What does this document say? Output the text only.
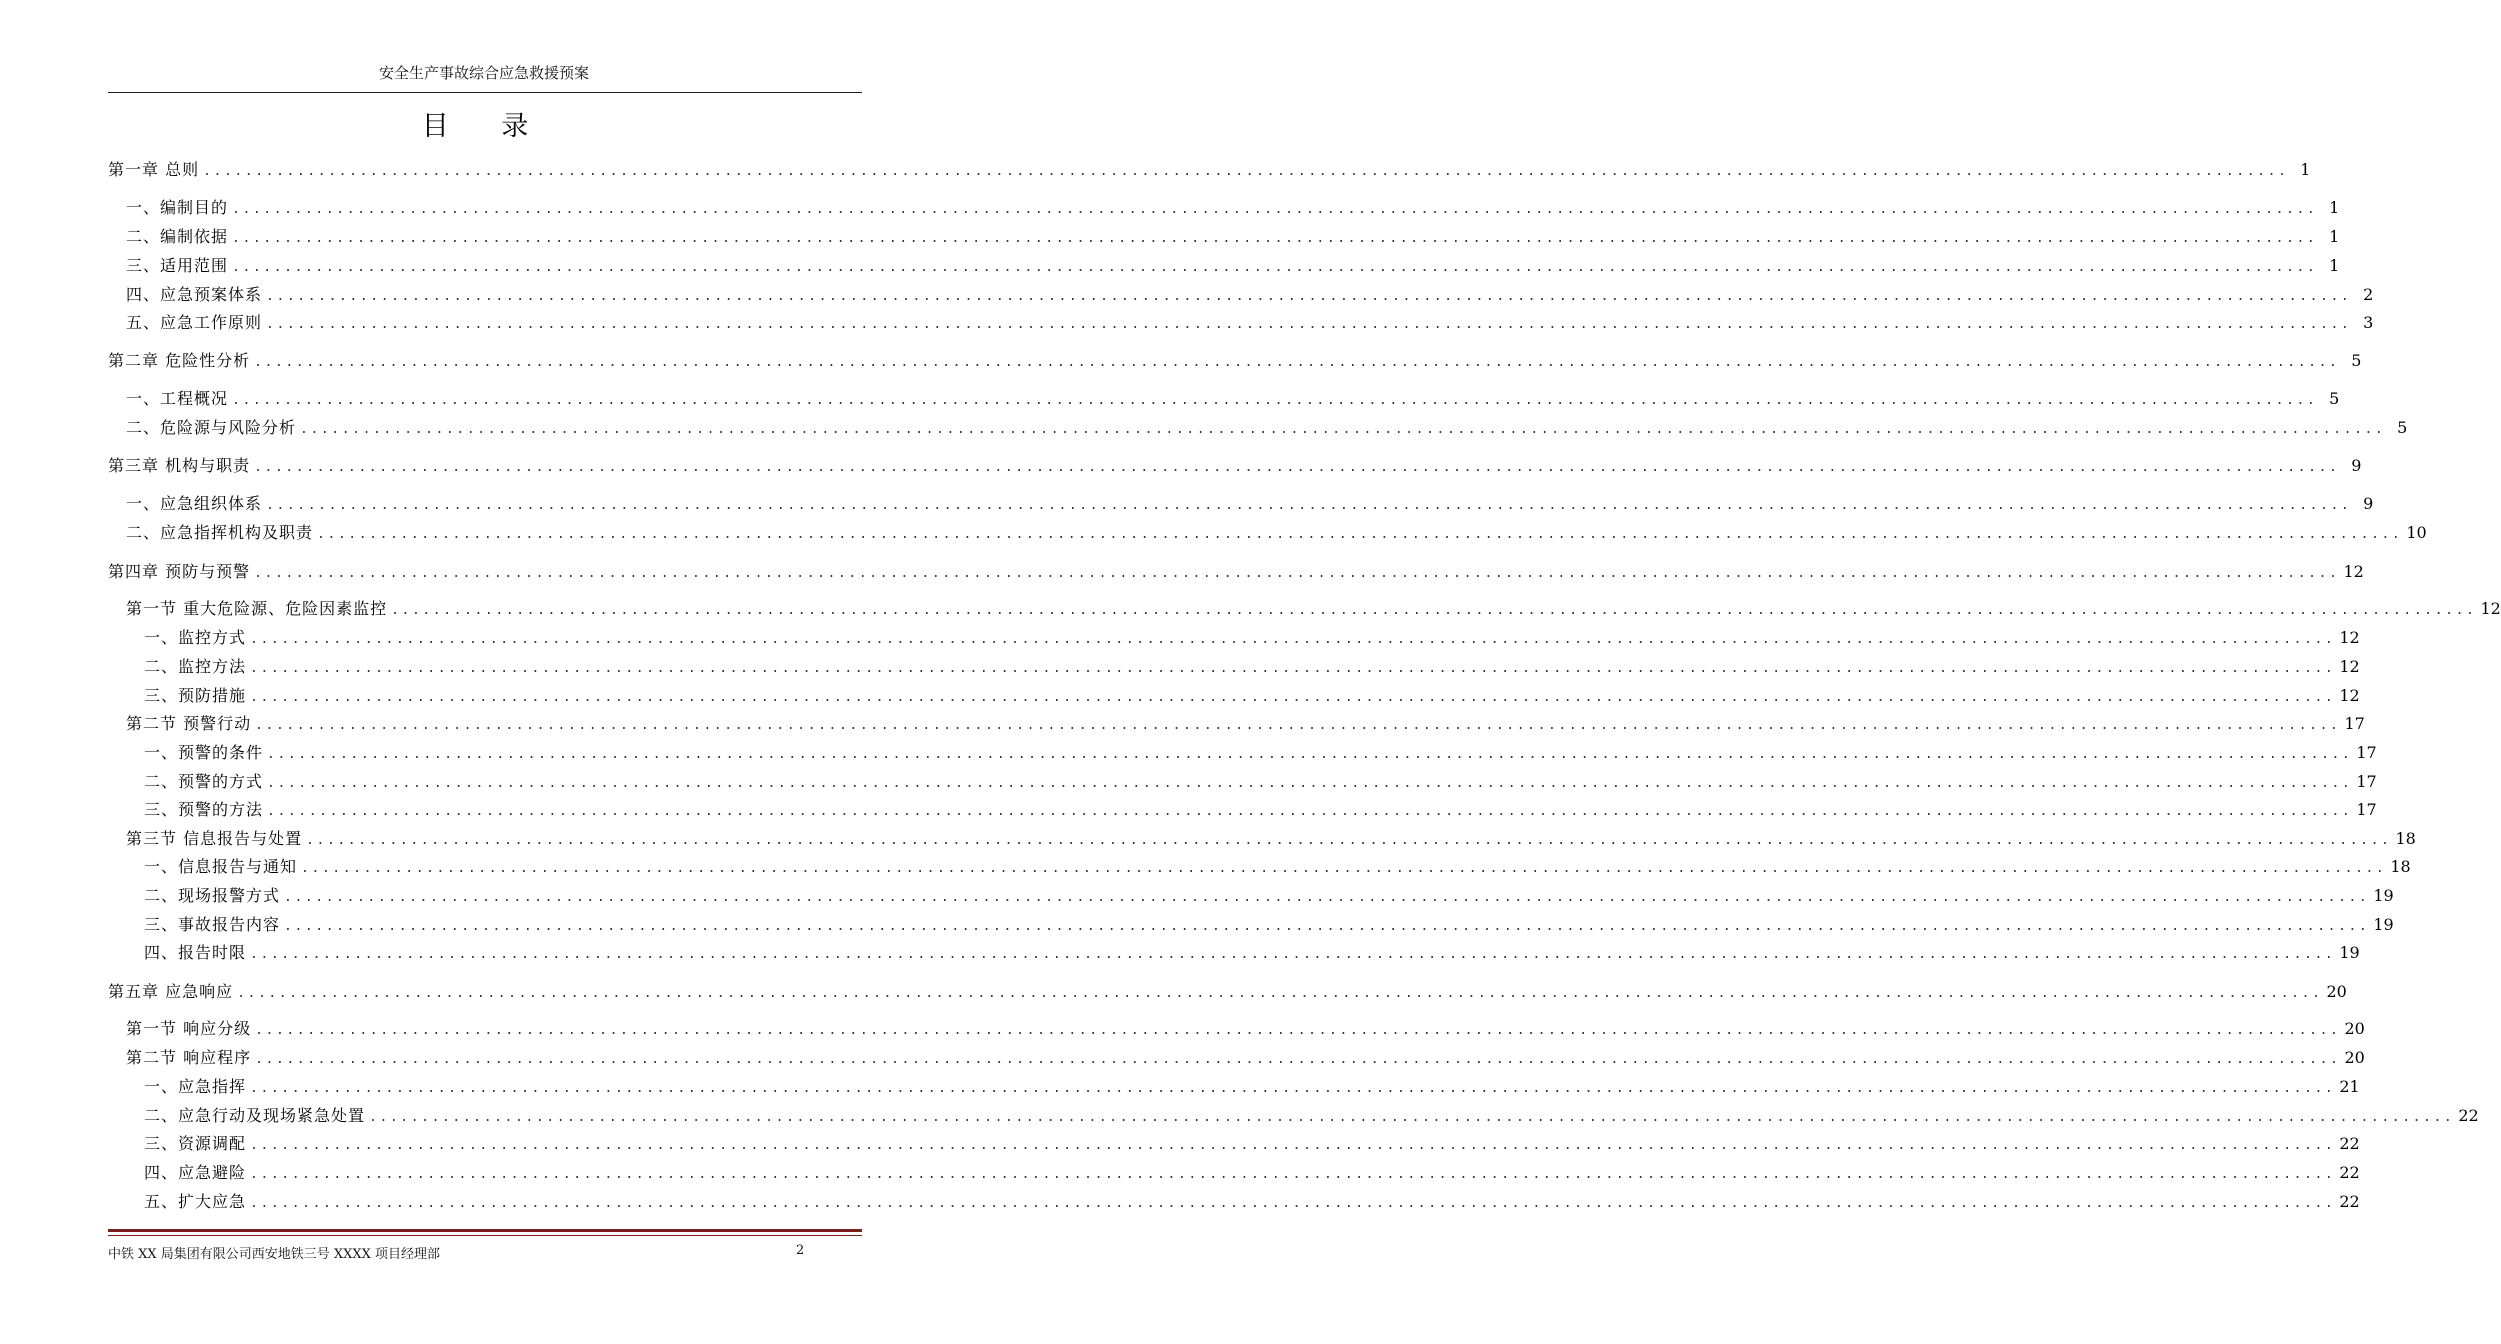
安全生产事故综合应急救援预案
目 录
第一章 总则 ........................................................................................................................................................................................................ 1
一、编制目的 ........................................................................................................................................................................................................ 1
二、编制依据 ........................................................................................................................................................................................................ 1
三、适用范围 ........................................................................................................................................................................................................ 1
四、应急预案体系 ........................................................................................................................................................................................................ 2
五、应急工作原则 ........................................................................................................................................................................................................ 3
第二章 危险性分析 ........................................................................................................................................................................................................ 5
一、工程概况 ........................................................................................................................................................................................................ 5
二、危险源与风险分析 ........................................................................................................................................................................................................ 5
第三章 机构与职责 ........................................................................................................................................................................................................ 9
一、应急组织体系 ........................................................................................................................................................................................................ 9
二、应急指挥机构及职责 ........................................................................................................................................................................................................ 10
第四章 预防与预警 ........................................................................................................................................................................................................ 12
第一节 重大危险源、危险因素监控 ........................................................................................................................................................................................................ 12
一、监控方式 ........................................................................................................................................................................................................ 12
二、监控方法 ........................................................................................................................................................................................................ 12
三、预防措施 ........................................................................................................................................................................................................ 12
第二节 预警行动 ........................................................................................................................................................................................................ 17
一、预警的条件 ........................................................................................................................................................................................................ 17
二、预警的方式 ........................................................................................................................................................................................................ 17
三、预警的方法 ........................................................................................................................................................................................................ 17
第三节 信息报告与处置 ........................................................................................................................................................................................................ 18
一、信息报告与通知 ........................................................................................................................................................................................................ 18
二、现场报警方式 ........................................................................................................................................................................................................ 19
三、事故报告内容 ........................................................................................................................................................................................................ 19
四、报告时限 ........................................................................................................................................................................................................ 19
第五章 应急响应 ........................................................................................................................................................................................................ 20
第一节 响应分级 ........................................................................................................................................................................................................ 20
第二节 响应程序 ........................................................................................................................................................................................................ 20
一、应急指挥 ........................................................................................................................................................................................................ 21
二、应急行动及现场紧急处置 ........................................................................................................................................................................................................ 22
三、资源调配 ........................................................................................................................................................................................................ 22
四、应急避险 ........................................................................................................................................................................................................ 22
五、扩大应急 ........................................................................................................................................................................................................ 22
中铁 XX 局集团有限公司西安地铁三号 XXXX 项目经理部	2
